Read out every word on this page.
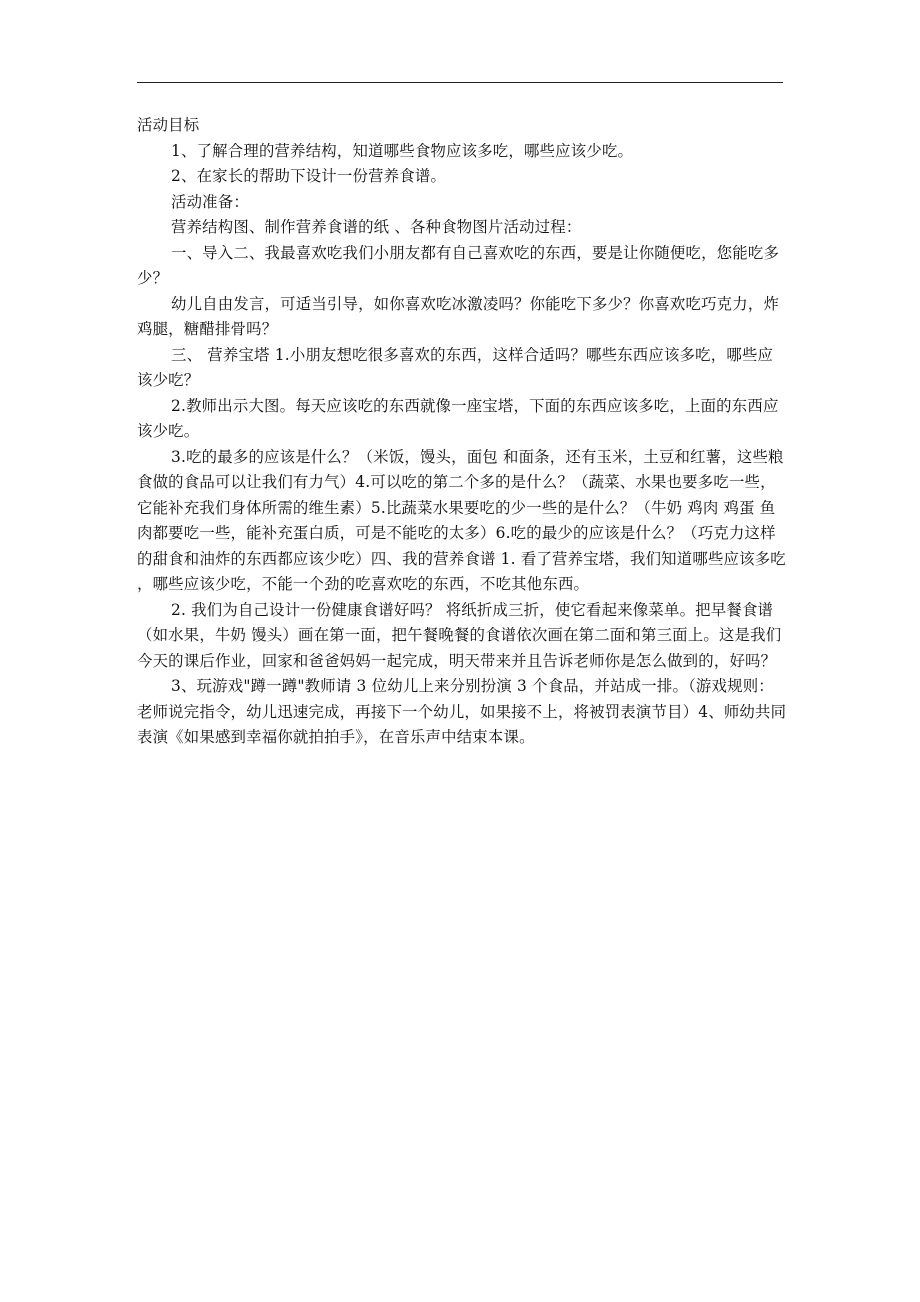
活动目标

1、了解合理的营养结构，知道哪些食物应该多吃，哪些应该少吃。

2、在家长的帮助下设计一份营养食谱。

活动准备：

营养结构图、制作营养食谱的纸 、各种食物图片活动过程：

一、导入二、我最喜欢吃我们小朋友都有自己喜欢吃的东西，要是让你随便吃，您能吃多少？

幼儿自由发言，可适当引导，如你喜欢吃冰激凌吗？你能吃下多少？你喜欢吃巧克力，炸鸡腿，糖醋排骨吗？

三、 营养宝塔 1.小朋友想吃很多喜欢的东西，这样合适吗？哪些东西应该多吃，哪些应该少吃？

2.教师出示大图。每天应该吃的东西就像一座宝塔，下面的东西应该多吃，上面的东西应该少吃。

3.吃的最多的应该是什么？（米饭，馒头，面包 和面条，还有玉米，土豆和红薯，这些粮食做的食品可以让我们有力气）4.可以吃的第二个多的是什么？（蔬菜、水果也要多吃一些，它能补充我们身体所需的维生素）5.比蔬菜水果要吃的少一些的是什么？（牛奶 鸡肉 鸡蛋 鱼肉都要吃一些，能补充蛋白质，可是不能吃的太多）6.吃的最少的应该是什么？（巧克力这样的甜食和油炸的东西都应该少吃）四、我的营养食谱 1. 看了营养宝塔，我们知道哪些应该多吃 ，哪些应该少吃，不能一个劲的吃喜欢吃的东西，不吃其他东西。

2. 我们为自己设计一份健康食谱好吗？ 将纸折成三折，使它看起来像菜单。把早餐食谱（如水果，牛奶 馒头）画在第一面，把午餐晚餐的食谱依次画在第二面和第三面上。这是我们今天的课后作业，回家和爸爸妈妈一起完成，明天带来并且告诉老师你是怎么做到的，好吗？

3、玩游戏"蹲一蹲"教师请 3 位幼儿上来分别扮演 3 个食品，并站成一排。（游戏规则：老师说完指令，幼儿迅速完成，再接下一个幼儿，如果接不上，将被罚表演节目）4、师幼共同表演《如果感到幸福你就拍拍手》，在音乐声中结束本课。
